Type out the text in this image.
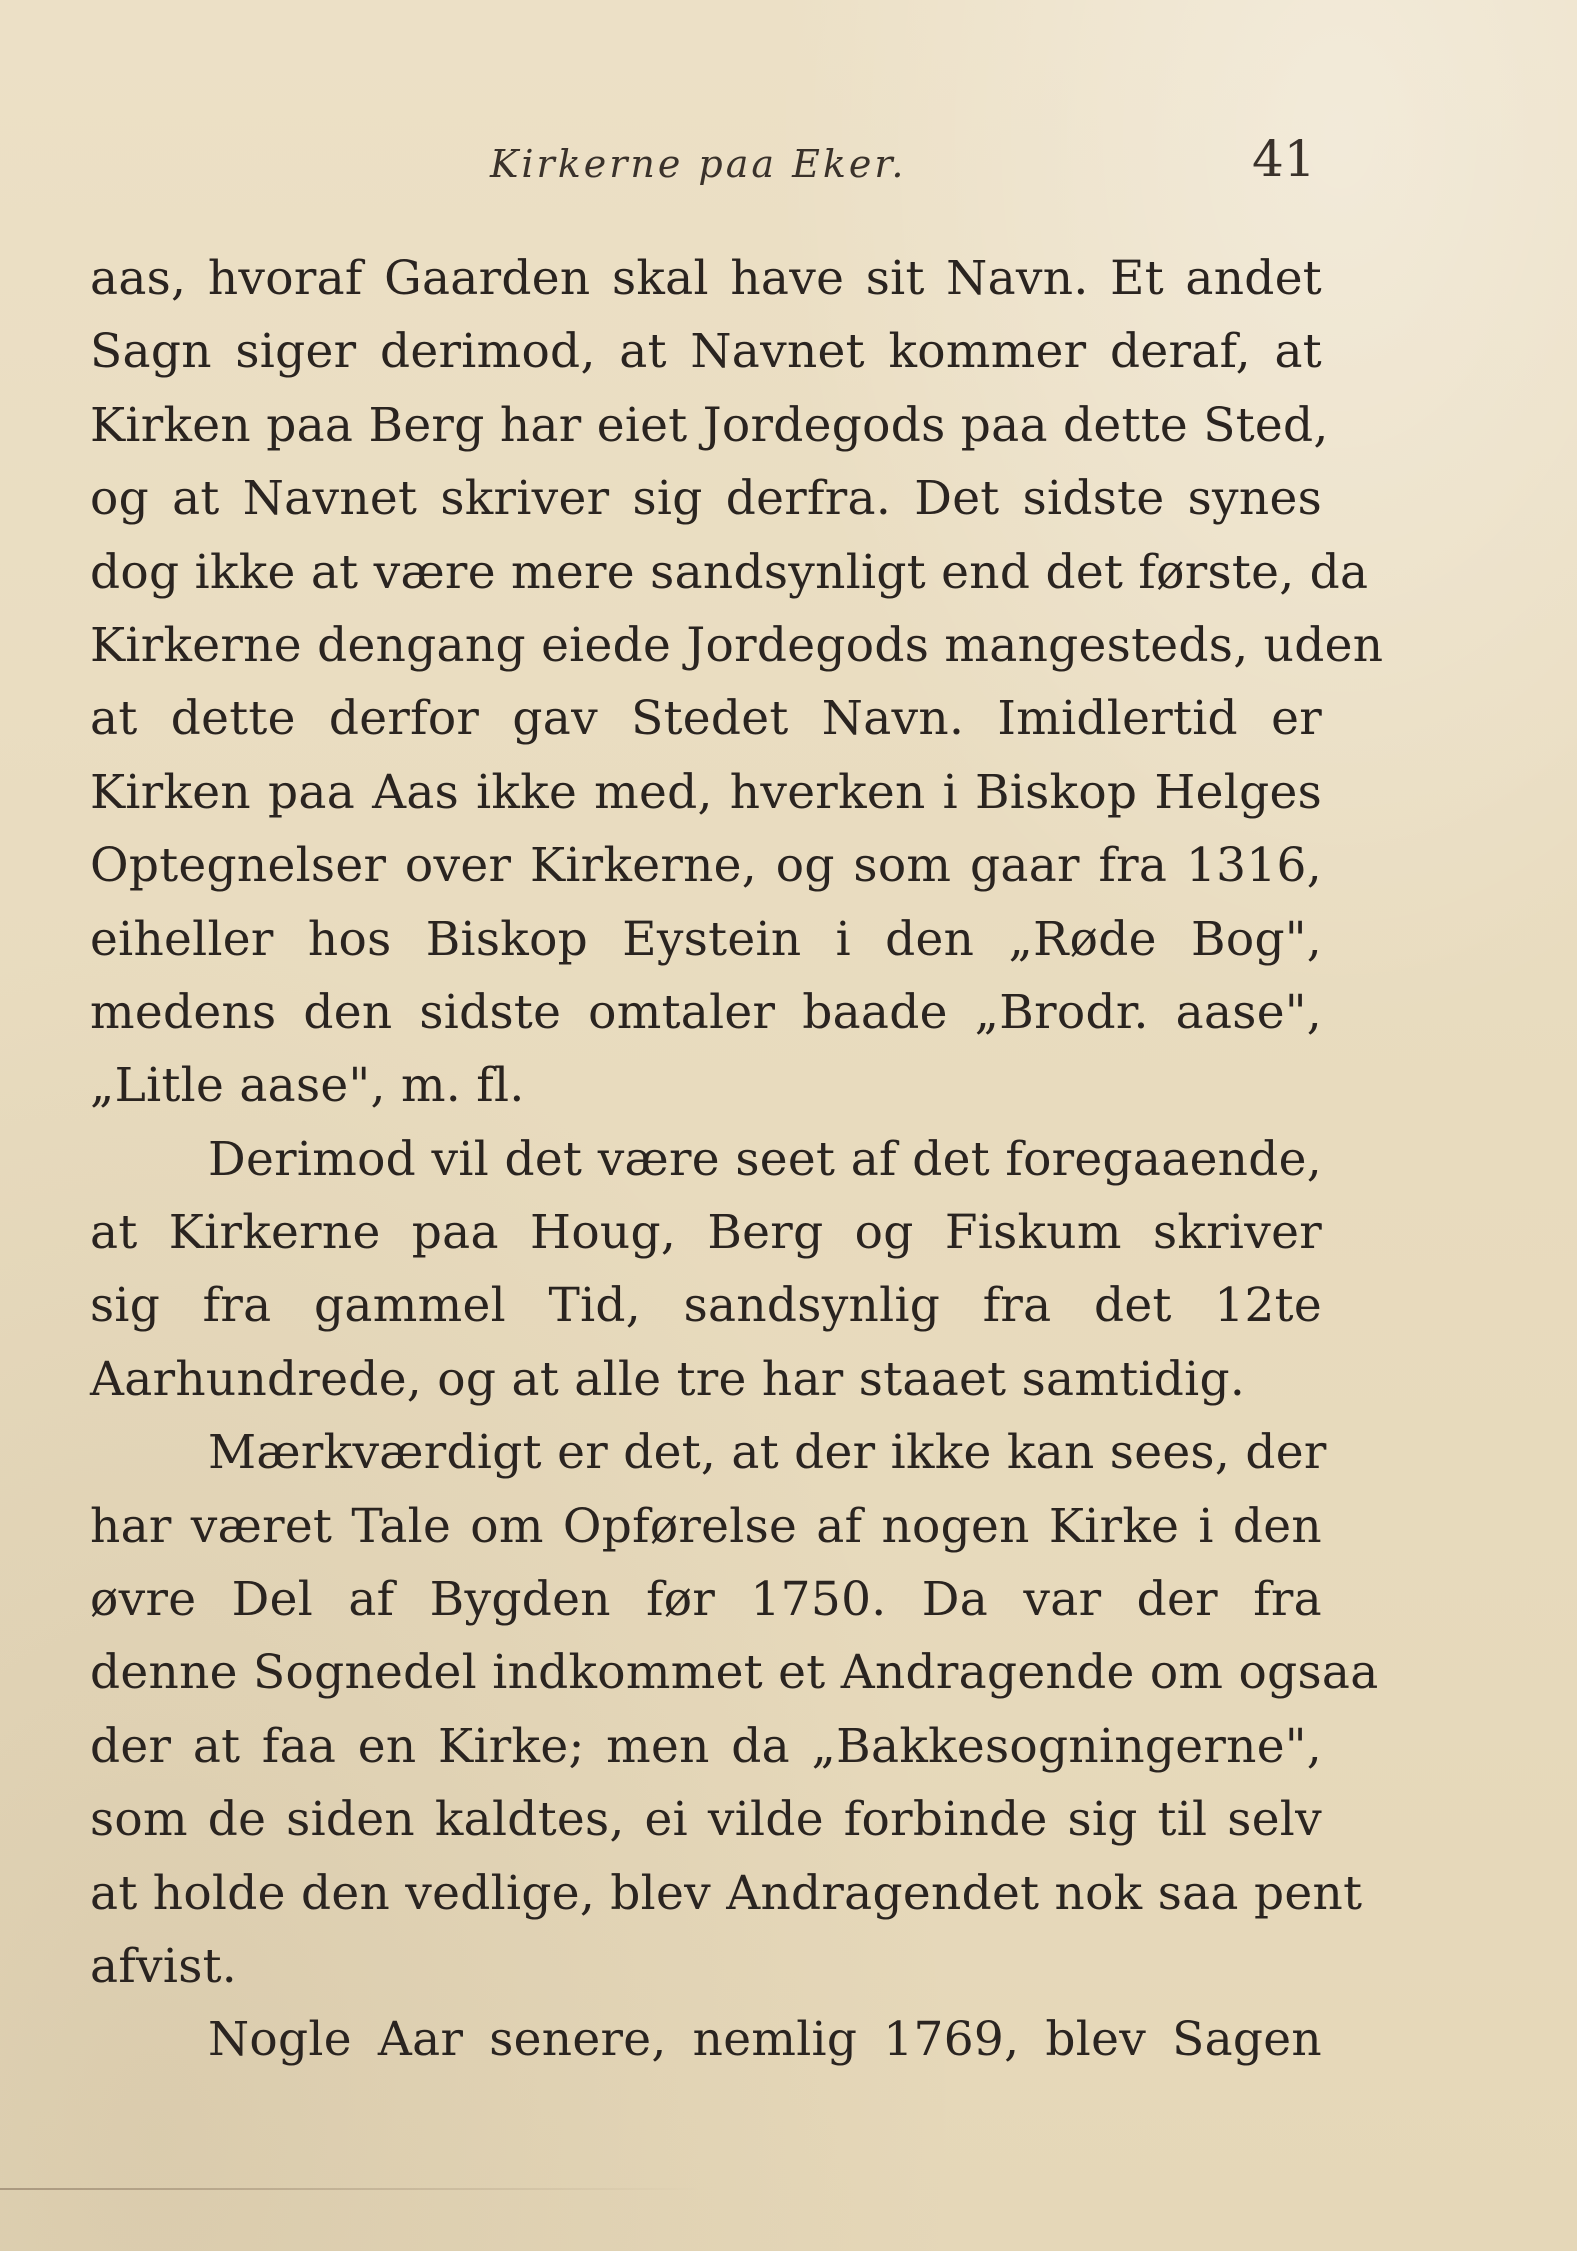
Kirkerne paa Eker.	41
aas, hvoraf Gaarden skal have sit Navn. Et andet
Sagn siger derimod, at Navnet kommer deraf, at
Kirken paa Berg har eiet Jordegods paa dette Sted,
og at Navnet skriver sig derfra. Det sidste synes
dog ikke at være mere sandsynligt end det første, da
Kirkerne dengang eiede Jordegods mangesteds, uden
at dette derfor gav Stedet Navn. Imidlertid er
Kirken paa Aas ikke med, hverken i Biskop Helges
Optegnelser over Kirkerne, og som gaar fra 1316,
eiheller hos Biskop Eystein i den „Røde Bog",
medens den sidste omtaler baade „Brodr. aase",
„Litle aase", m. fl.
Derimod vil det være seet af det foregaaende,
at Kirkerne paa Houg, Berg og Fiskum skriver
sig fra gammel Tid, sandsynlig fra det 12te
Aarhundrede, og at alle tre har staaet samtidig.
Mærkværdigt er det, at der ikke kan sees, der
har været Tale om Opførelse af nogen Kirke i den
øvre Del af Bygden før 1750. Da var der fra
denne Sognedel indkommet et Andragende om ogsaa
der at faa en Kirke; men da „Bakkesogningerne",
som de siden kaldtes, ei vilde forbinde sig til selv
at holde den vedlige, blev Andragendet nok saa pent
afvist.
Nogle Aar senere, nemlig 1769, blev Sagen
